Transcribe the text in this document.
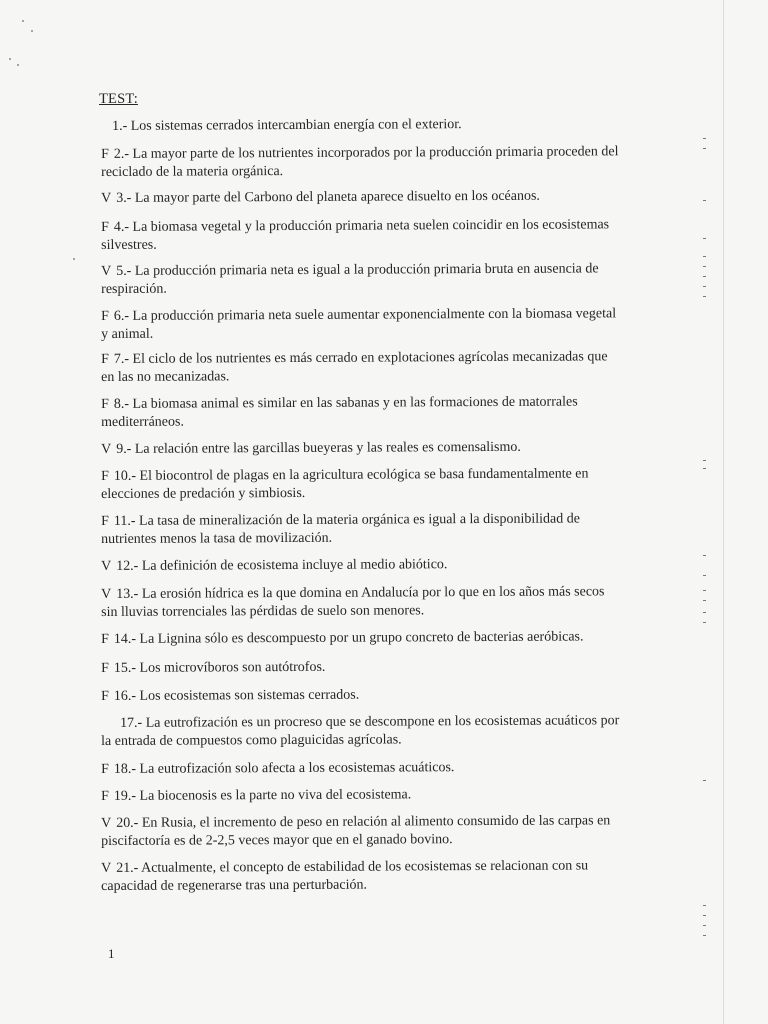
TEST:
1.- Los sistemas cerrados intercambian energía con el exterior.
F 2.- La mayor parte de los nutrientes incorporados por la producción primaria proceden del reciclado de la materia orgánica.
V 3.- La mayor parte del Carbono del planeta aparece disuelto en los océanos.
F 4.- La biomasa vegetal y la producción primaria neta suelen coincidir en los ecosistemas silvestres.
V 5.- La producción primaria neta es igual a la producción primaria bruta en ausencia de respiración.
F 6.- La producción primaria neta suele aumentar exponencialmente con la biomasa vegetal y animal.
F 7.- El ciclo de los nutrientes es más cerrado en explotaciones agrícolas mecanizadas que en las no mecanizadas.
F 8.- La biomasa animal es similar en las sabanas y en las formaciones de matorrales mediterráneos.
V 9.- La relación entre las garcillas bueyeras y las reales es comensalismo.
F 10.- El biocontrol de plagas en la agricultura ecológica se basa fundamentalmente en elecciones de predación y simbiosis.
F 11.- La tasa de mineralización de la materia orgánica es igual a la disponibilidad de nutrientes menos la tasa de movilización.
V 12.- La definición de ecosistema incluye al medio abiótico.
V 13.- La erosión hídrica es la que domina en Andalucía por lo que en los años más secos sin lluvias torrenciales las pérdidas de suelo son menores.
F 14.- La Lignina sólo es descompuesto por un grupo concreto de bacterias aeróbicas.
F 15.- Los microvíboros son autótrofos.
F 16.- Los ecosistemas son sistemas cerrados.
17.- La eutrofización es un procreso que se descompone en los ecosistemas acuáticos por la entrada de compuestos como plaguicidas agrícolas.
F 18.- La eutrofización solo afecta a los ecosistemas acuáticos.
F 19.- La biocenosis es la parte no viva del ecosistema.
V 20.- En Rusia, el incremento de peso en relación al alimento consumido de las carpas en piscifactoría es de 2-2,5 veces mayor que en el ganado bovino.
V 21.- Actualmente, el concepto de estabilidad de los ecosistemas se relacionan con su capacidad de regenerarse tras una perturbación.
1
